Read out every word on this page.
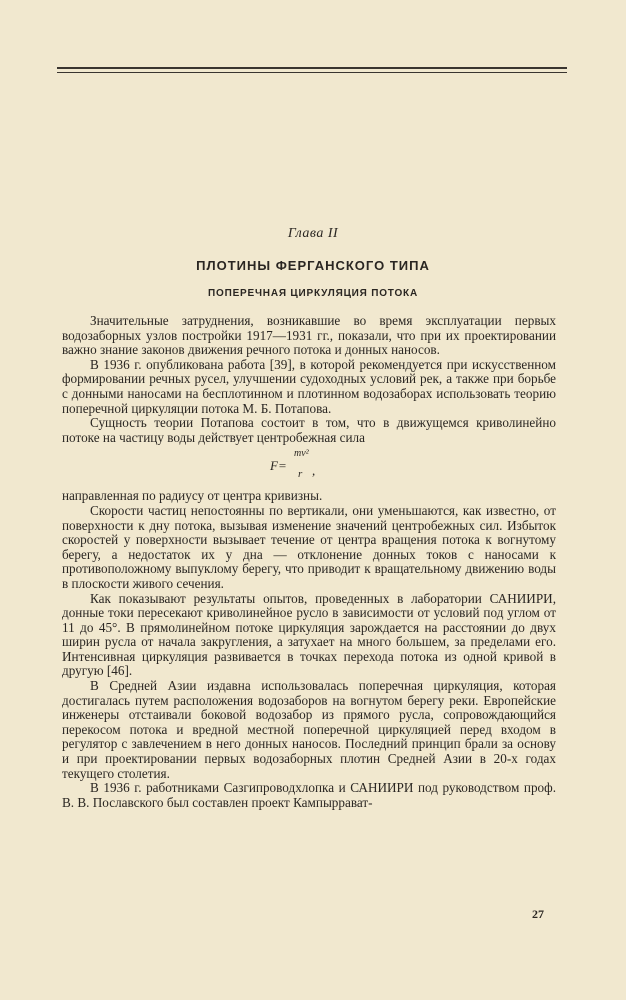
Глава II
ПЛОТИНЫ ФЕРГАНСКОГО ТИПА
ПОПЕРЕЧНАЯ ЦИРКУЛЯЦИЯ ПОТОКА

Значительные затруднения, возникавшие во время эксплуатации первых водозаборных узлов постройки 1917—1931 гг., показали, что при их проектировании важно знание законов движения речного потока и донных наносов.

В 1936 г. опубликована работа [39], в которой рекомендуется при искусственном формировании речных русел, улучшении судоходных условий рек, а также при борьбе с донными наносами на бесплотинном и плотинном водозаборах использовать теорию поперечной циркуляции потока М. Б. Потапова.

Сущность теории Потапова состоит в том, что в движущемся криволинейно потоке на частицу воды действует центробежная сила

F=
mv²
r ,

направленная по радиусу от центра кривизны.

Скорости частиц непостоянны по вертикали, они уменьшаются, как известно, от поверхности к дну потока, вызывая изменение значений центробежных сил. Избыток скоростей у поверхности вызывает течение от центра вращения потока к вогнутому берегу, а недостаток их у дна — отклонение донных токов с наносами к противоположному выпуклому берегу, что приводит к вращательному движению воды в плоскости живого сечения.

Как показывают результаты опытов, проведенных в лаборатории САНИИРИ, донные токи пересекают криволинейное русло в зависимости от условий под углом от 11 до 45°. В прямолинейном потоке циркуляция зарождается на расстоянии до двух ширин русла от начала закругления, а затухает на много большем, за пределами его. Интенсивная циркуляция развивается в точках перехода потока из одной кривой в другую [46].

В Средней Азии издавна использовалась поперечная циркуляция, которая достигалась путем расположения водозаборов на вогнутом берегу реки. Европейские инженеры отстаивали боковой водозабор из прямого русла, сопровождающийся перекосом потока и вредной местной поперечной циркуляцией перед входом в регулятор с завлечением в него донных наносов. Последний принцип брали за основу и при проектировании первых водозаборных плотин Средней Азии в 20-х годах текущего столетия.

В 1936 г. работниками Сазгипроводхлопка и САНИИРИ под руководством проф. В. В. Пославского был составлен проект Кампыррават-

27
